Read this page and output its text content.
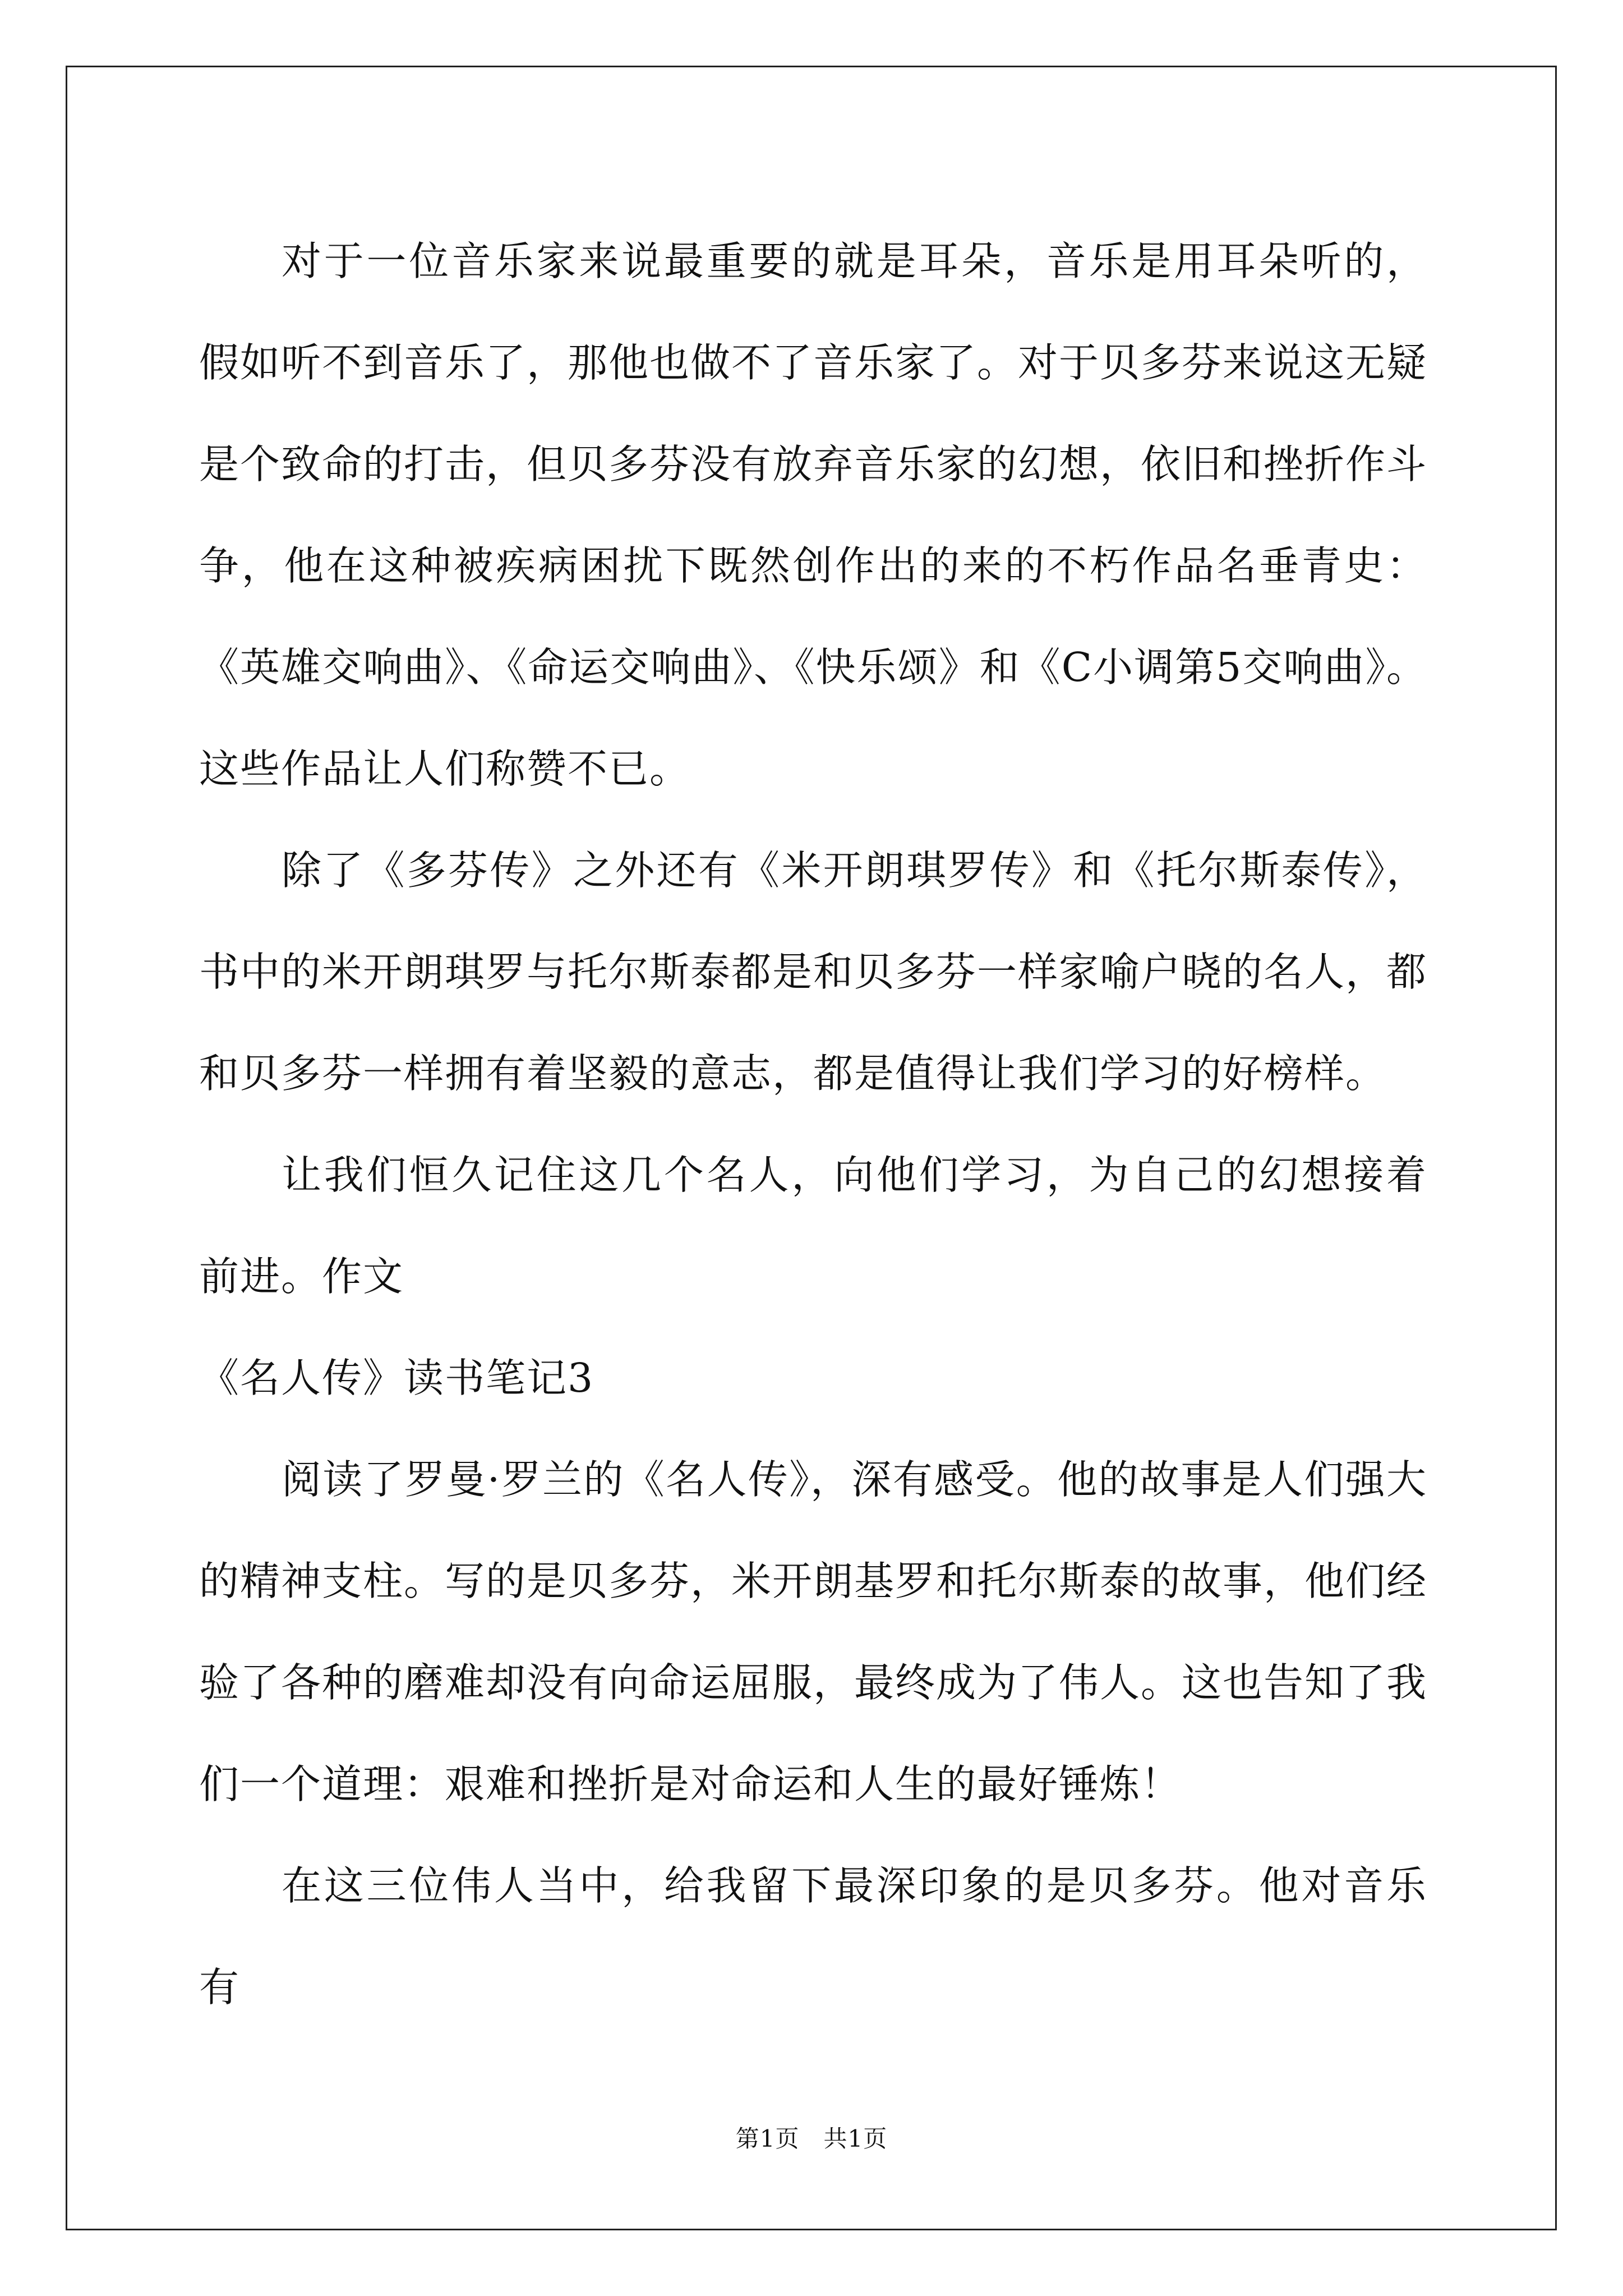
对于一位音乐家来说最重要的就是耳朵，音乐是用耳朵听的，假如听不到音乐了，那他也做不了音乐家了。对于贝多芬来说这无疑是个致命的打击，但贝多芬没有放弃音乐家的幻想，依旧和挫折作斗争，他在这种被疾病困扰下既然创作出的来的不朽作品名垂青史：《英雄交响曲》、《命运交响曲》、《快乐颂》和《C小调第5交响曲》。这些作品让人们称赞不已。

除了《多芬传》之外还有《米开朗琪罗传》和《托尔斯泰传》，书中的米开朗琪罗与托尔斯泰都是和贝多芬一样家喻户晓的名人，都和贝多芬一样拥有着坚毅的意志，都是值得让我们学习的好榜样。

让我们恒久记住这几个名人，向他们学习，为自己的幻想接着前进。作文

《名人传》读书笔记3

阅读了罗曼·罗兰的《名人传》，深有感受。他的故事是人们强大的精神支柱。写的是贝多芬，米开朗基罗和托尔斯泰的故事，他们经验了各种的磨难却没有向命运屈服，最终成为了伟人。这也告知了我们一个道理：艰难和挫折是对命运和人生的最好锤炼！

在这三位伟人当中，给我留下最深印象的是贝多芬。他对音乐有

第1页　共1页
